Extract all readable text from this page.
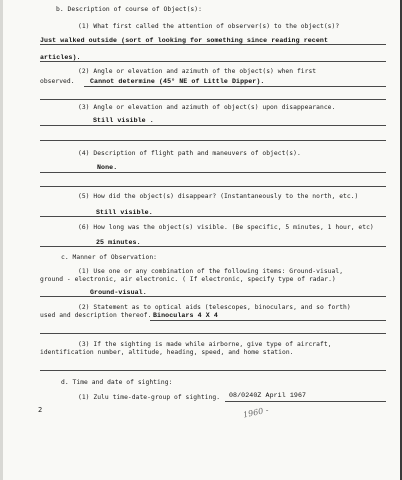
b. Description of course of Object(s):
(1) What first called the attention of observer(s) to the object(s)?
Just walked outside (sort of looking for something since reading recent
articles).
(2) Angle or elevation and azimuth of the object(s) when first
observed. Cannot determine (45° NE of Little Dipper).
(3) Angle or elevation and azimuth of object(s) upon disappearance.
Still visible .
(4) Description of flight path and maneuvers of object(s).
None.
(5) How did the object(s) disappear? (Instantaneously to the north, etc.)
Still visible.
(6) How long was the object(s) visible. (Be specific, 5 minutes, 1 hour, etc)
25 minutes.
c. Manner of Observation:
(1) Use one or any combination of the following items: Ground-visual,
ground - electronic, air electronic. ( If electronic, specify type of radar.)
Ground-visual.
(2) Statement as to optical aids (telescopes, binoculars, and so forth)
used and description thereof. Binoculars 4 X 4
(3) If the sighting is made while airborne, give type of aircraft,
identification number, altitude, heading, speed, and home station.
d. Time and date of sighting:
(1) Zulu time-date-group of sighting. 08/0240Z April 1967
1960 -
2
